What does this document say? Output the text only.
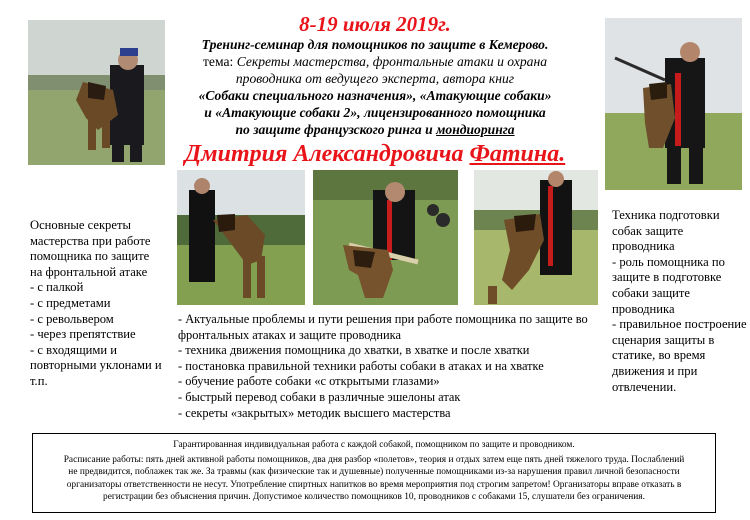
8-19 июля 2019г.
Тренинг-семинар для помощников по защите в Кемерово.
тема: Секреты мастерства, фронтальные атаки и охрана
проводника от ведущего эксперта, автора книг
«Собаки специального назначения», «Атакующие собаки»
и «Атакующие собаки 2», лицензированного помощника
по защите французского ринга и мондиоринга
Дмитрия Александровича Фатина.
Основные секреты
мастерства при работе
помощника по защите
на фронтальной атаке
- с палкой
- с предметами
- с револьвером
- через препятствие
- с входящими и
повторными уклонами и
т.п.
Техника подготовки
собак защите
проводника
- роль помощника по
защите в подготовке
собаки защите
проводника
- правильное построение
сценария защиты в
статике, во время
движения и при
отвлечении.
- Актуальные проблемы и пути решения при работе помощника по защите во
фронтальных атаках и защите проводника
- техника движения помощника до хватки, в хватке и после хватки
- постановка правильной техники работы собаки в атаках и на хватке
- обучение работе собаки «с открытыми глазами»
- быстрый перевод собаки в различные эшелоны атак
- секреты «закрытых» методик высшего мастерства
Гарантированная индивидуальная работа с каждой собакой, помощником по защите и проводником.
Расписание работы: пять дней активной работы помощников, два дня разбор «полетов», теория и отдых затем еще пять дней тяжелого труда. Послаблений
не предвидится, поблажек так же. За травмы (как физические так и душевные) полученные помощниками из-за нарушения правил личной безопасности
организаторы ответственности не несут. Употребление спиртных напитков во время мероприятия под строгим запретом! Организаторы вправе отказать в
регистрации без объяснения причин. Допустимое количество помощников 10, проводников с собаками 15, слушатели без ограничения.
